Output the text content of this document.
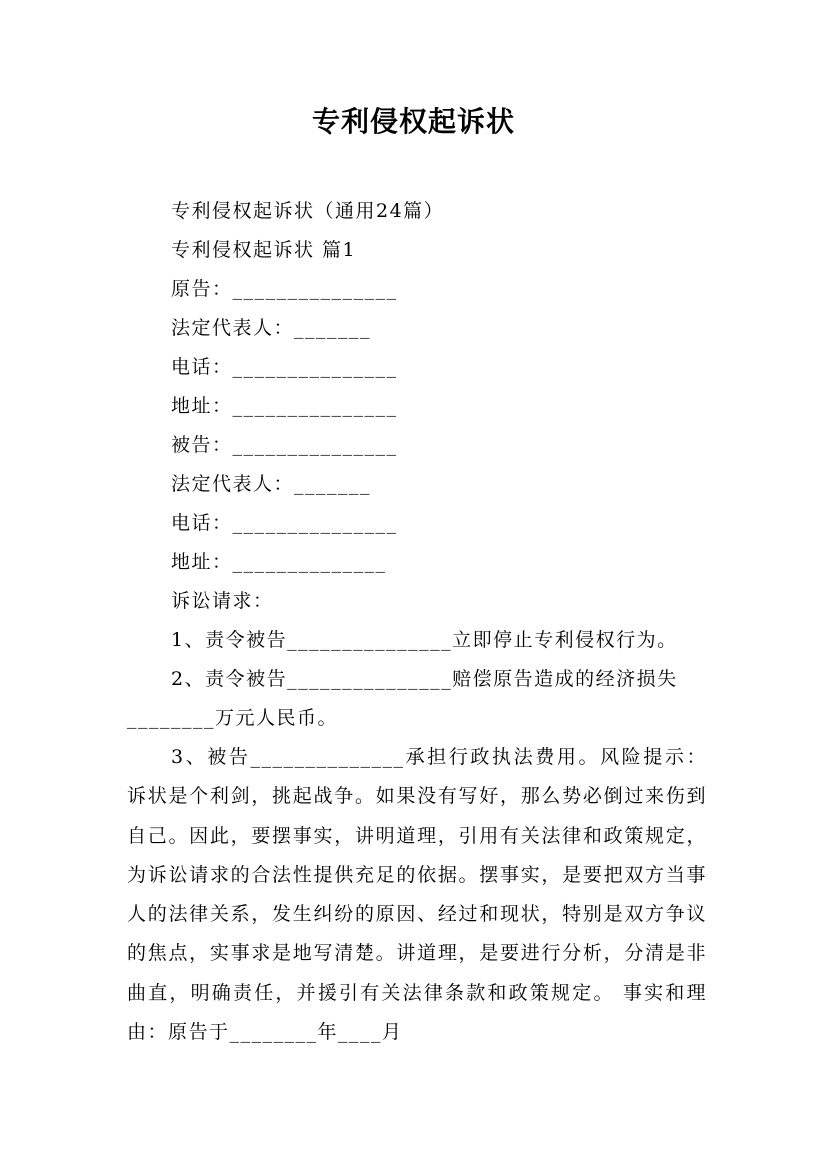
专利侵权起诉状
专利侵权起诉状（通用24篇）
专利侵权起诉状 篇1
原告：_______________
法定代表人：_______
电话：_______________
地址：_______________
被告：_______________
法定代表人：_______
电话：_______________
地址：______________
诉讼请求：
1、责令被告_______________立即停止专利侵权行为。

2、责令被告_______________赔偿原告造成的经济损失________万元人民币。

3、被告______________承担行政执法费用。风险提示：诉状是个利剑，挑起战争。如果没有写好，那么势必倒过来伤到自己。因此，要摆事实，讲明道理，引用有关法律和政策规定，为诉讼请求的合法性提供充足的依据。摆事实，是要把双方当事人的法律关系，发生纠纷的原因、经过和现状，特别是双方争议的焦点，实事求是地写清楚。讲道理，是要进行分析，分清是非曲直，明确责任，并援引有关法律条款和政策规定。 事实和理由：原告于________年____月
